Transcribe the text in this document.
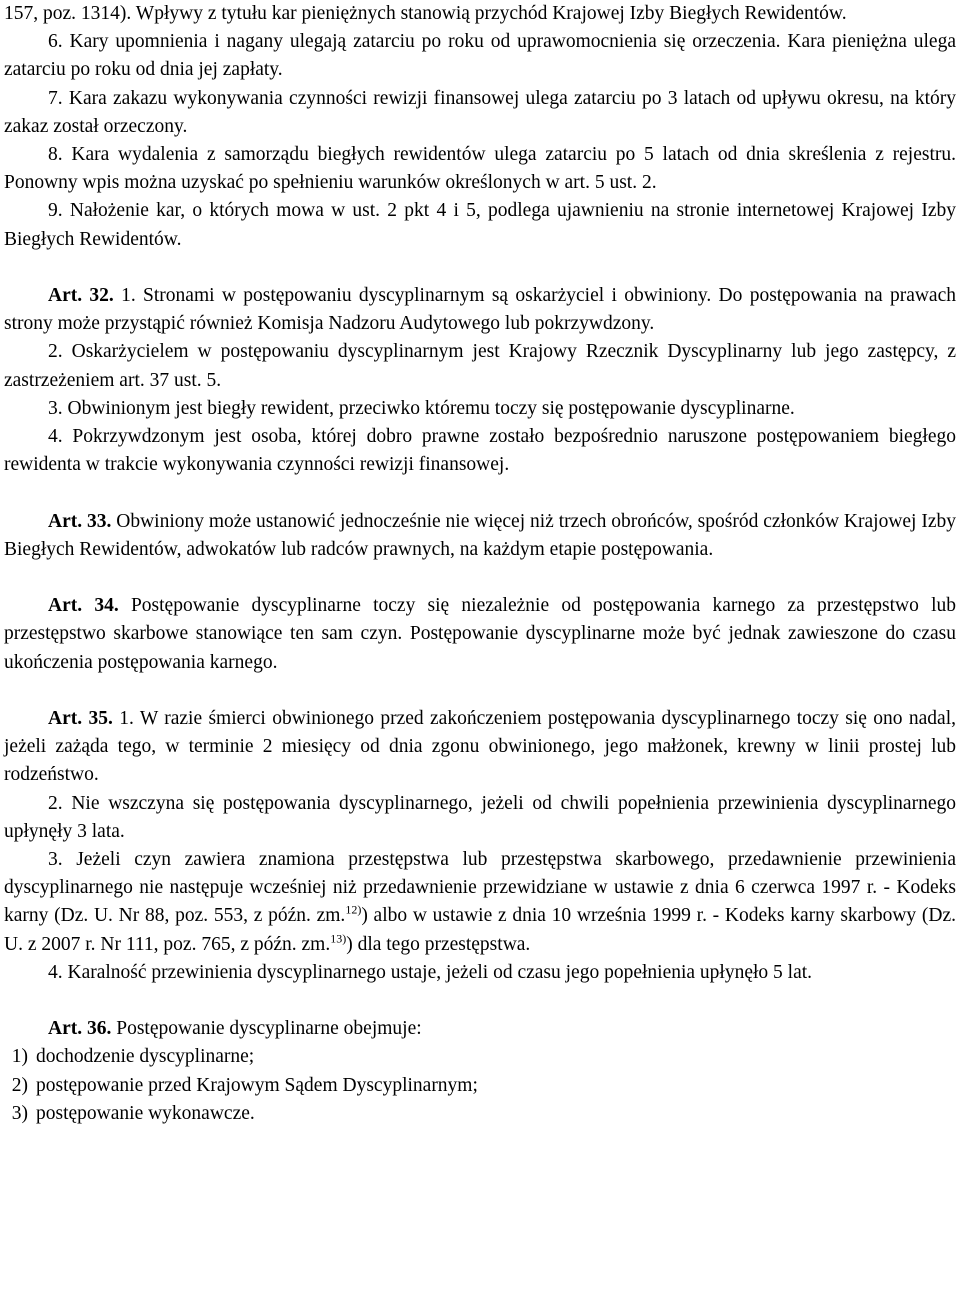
157, poz. 1314). Wpływy z tytułu kar pieniężnych stanowią przychód Krajowej Izby Biegłych Rewidentów.

6. Kary upomnienia i nagany ulegają zatarciu po roku od uprawomocnienia się orzeczenia. Kara pieniężna ulega zatarciu po roku od dnia jej zapłaty.

7. Kara zakazu wykonywania czynności rewizji finansowej ulega zatarciu po 3 latach od upływu okresu, na który zakaz został orzeczony.

8. Kara wydalenia z samorządu biegłych rewidentów ulega zatarciu po 5 latach od dnia skreślenia z rejestru. Ponowny wpis można uzyskać po spełnieniu warunków określonych w art. 5 ust. 2.

9. Nałożenie kar, o których mowa w ust. 2 pkt 4 i 5, podlega ujawnieniu na stronie internetowej Krajowej Izby Biegłych Rewidentów.

Art. 32. 1. Stronami w postępowaniu dyscyplinarnym są oskarżyciel i obwiniony. Do postępowania na prawach strony może przystąpić również Komisja Nadzoru Audytowego lub pokrzywdzony.

2. Oskarżycielem w postępowaniu dyscyplinarnym jest Krajowy Rzecznik Dyscyplinarny lub jego zastępcy, z zastrzeżeniem art. 37 ust. 5.

3. Obwinionym jest biegły rewident, przeciwko któremu toczy się postępowanie dyscyplinarne.

4. Pokrzywdzonym jest osoba, której dobro prawne zostało bezpośrednio naruszone postępowaniem biegłego rewidenta w trakcie wykonywania czynności rewizji finansowej.

Art. 33. Obwiniony może ustanowić jednocześnie nie więcej niż trzech obrońców, spośród członków Krajowej Izby Biegłych Rewidentów, adwokatów lub radców prawnych, na każdym etapie postępowania.

Art. 34. Postępowanie dyscyplinarne toczy się niezależnie od postępowania karnego za przestępstwo lub przestępstwo skarbowe stanowiące ten sam czyn. Postępowanie dyscyplinarne może być jednak zawieszone do czasu ukończenia postępowania karnego.

Art. 35. 1. W razie śmierci obwinionego przed zakończeniem postępowania dyscyplinarnego toczy się ono nadal, jeżeli zażąda tego, w terminie 2 miesięcy od dnia zgonu obwinionego, jego małżonek, krewny w linii prostej lub rodzeństwo.

2. Nie wszczyna się postępowania dyscyplinarnego, jeżeli od chwili popełnienia przewinienia dyscyplinarnego upłynęły 3 lata.

3. Jeżeli czyn zawiera znamiona przestępstwa lub przestępstwa skarbowego, przedawnienie przewinienia dyscyplinarnego nie następuje wcześniej niż przedawnienie przewidziane w ustawie z dnia 6 czerwca 1997 r. - Kodeks karny (Dz. U. Nr 88, poz. 553, z późn. zm.$^{12)}$) albo w ustawie z dnia 10 września 1999 r. - Kodeks karny skarbowy (Dz. U. z 2007 r. Nr 111, poz. 765, z późn. zm.$^{13)}$) dla tego przestępstwa.

4. Karalność przewinienia dyscyplinarnego ustaje, jeżeli od czasu jego popełnienia upłynęło 5 lat.

Art. 36. Postępowanie dyscyplinarne obejmuje:

1) dochodzenie dyscyplinarne;
2) postępowanie przed Krajowym Sądem Dyscyplinarnym;
3) postępowanie wykonawcze.
